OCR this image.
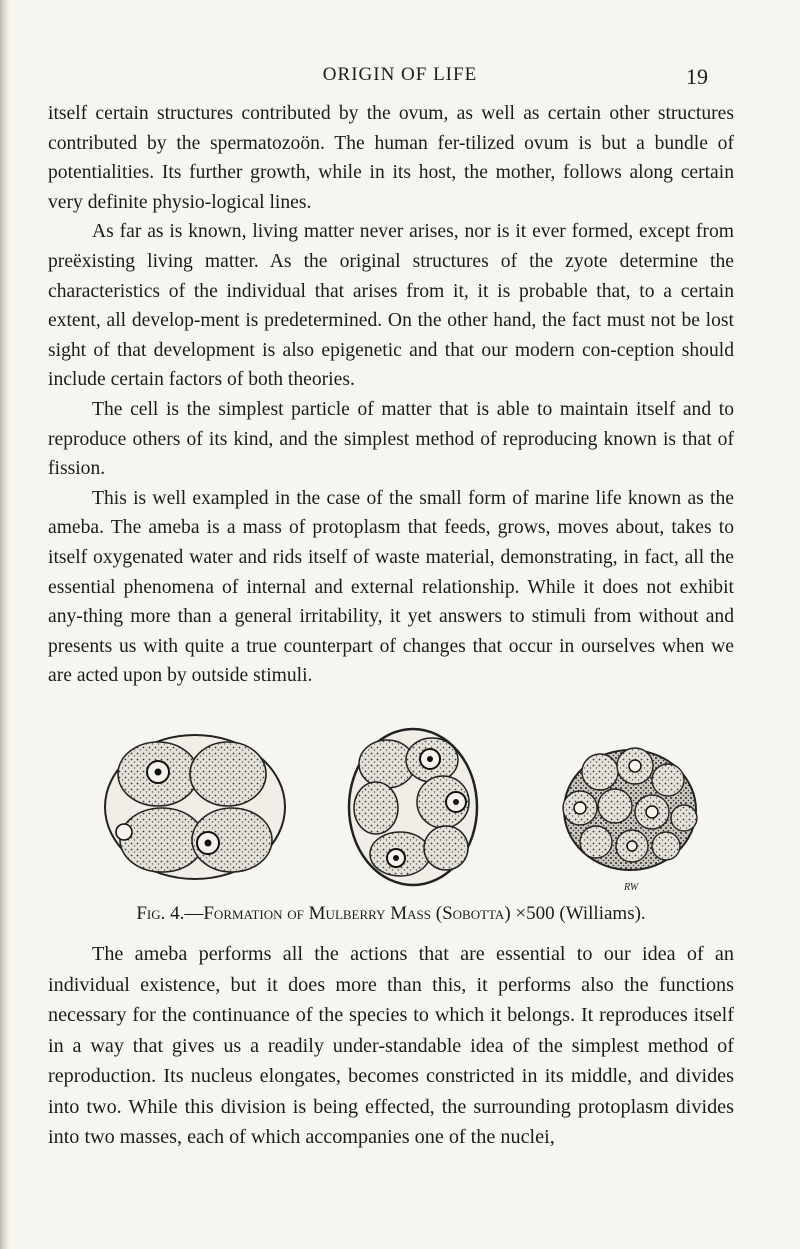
ORIGIN OF LIFE	19

itself certain structures contributed by the ovum, as well as certain other structures contributed by the spermatozoön. The human fer-tilized ovum is but a bundle of potentialities. Its further growth, while in its host, the mother, follows along certain very definite physio-logical lines.

As far as is known, living matter never arises, nor is it ever formed, except from preëxisting living matter. As the original structures of the zyote determine the characteristics of the individual that arises from it, it is probable that, to a certain extent, all develop-ment is predetermined. On the other hand, the fact must not be lost sight of that development is also epigenetic and that our modern con-ception should include certain factors of both theories.

The cell is the simplest particle of matter that is able to maintain itself and to reproduce others of its kind, and the simplest method of reproducing known is that of fission.

This is well exampled in the case of the small form of marine life known as the ameba. The ameba is a mass of protoplasm that feeds, grows, moves about, takes to itself oxygenated water and rids itself of waste material, demonstrating, in fact, all the essential phenomena of internal and external relationship. While it does not exhibit any-thing more than a general irritability, it yet answers to stimuli from without and presents us with quite a true counterpart of changes that occur in ourselves when we are acted upon by outside stimuli.

RW
Fig. 4.—Formation of Mulberry Mass (Sobotta) ×500 (Williams).

The ameba performs all the actions that are essential to our idea of an individual existence, but it does more than this, it performs also the functions necessary for the continuance of the species to which it belongs. It reproduces itself in a way that gives us a readily under-standable idea of the simplest method of reproduction. Its nucleus elongates, becomes constricted in its middle, and divides into two. While this division is being effected, the surrounding protoplasm divides into two masses, each of which accompanies one of the nuclei,
